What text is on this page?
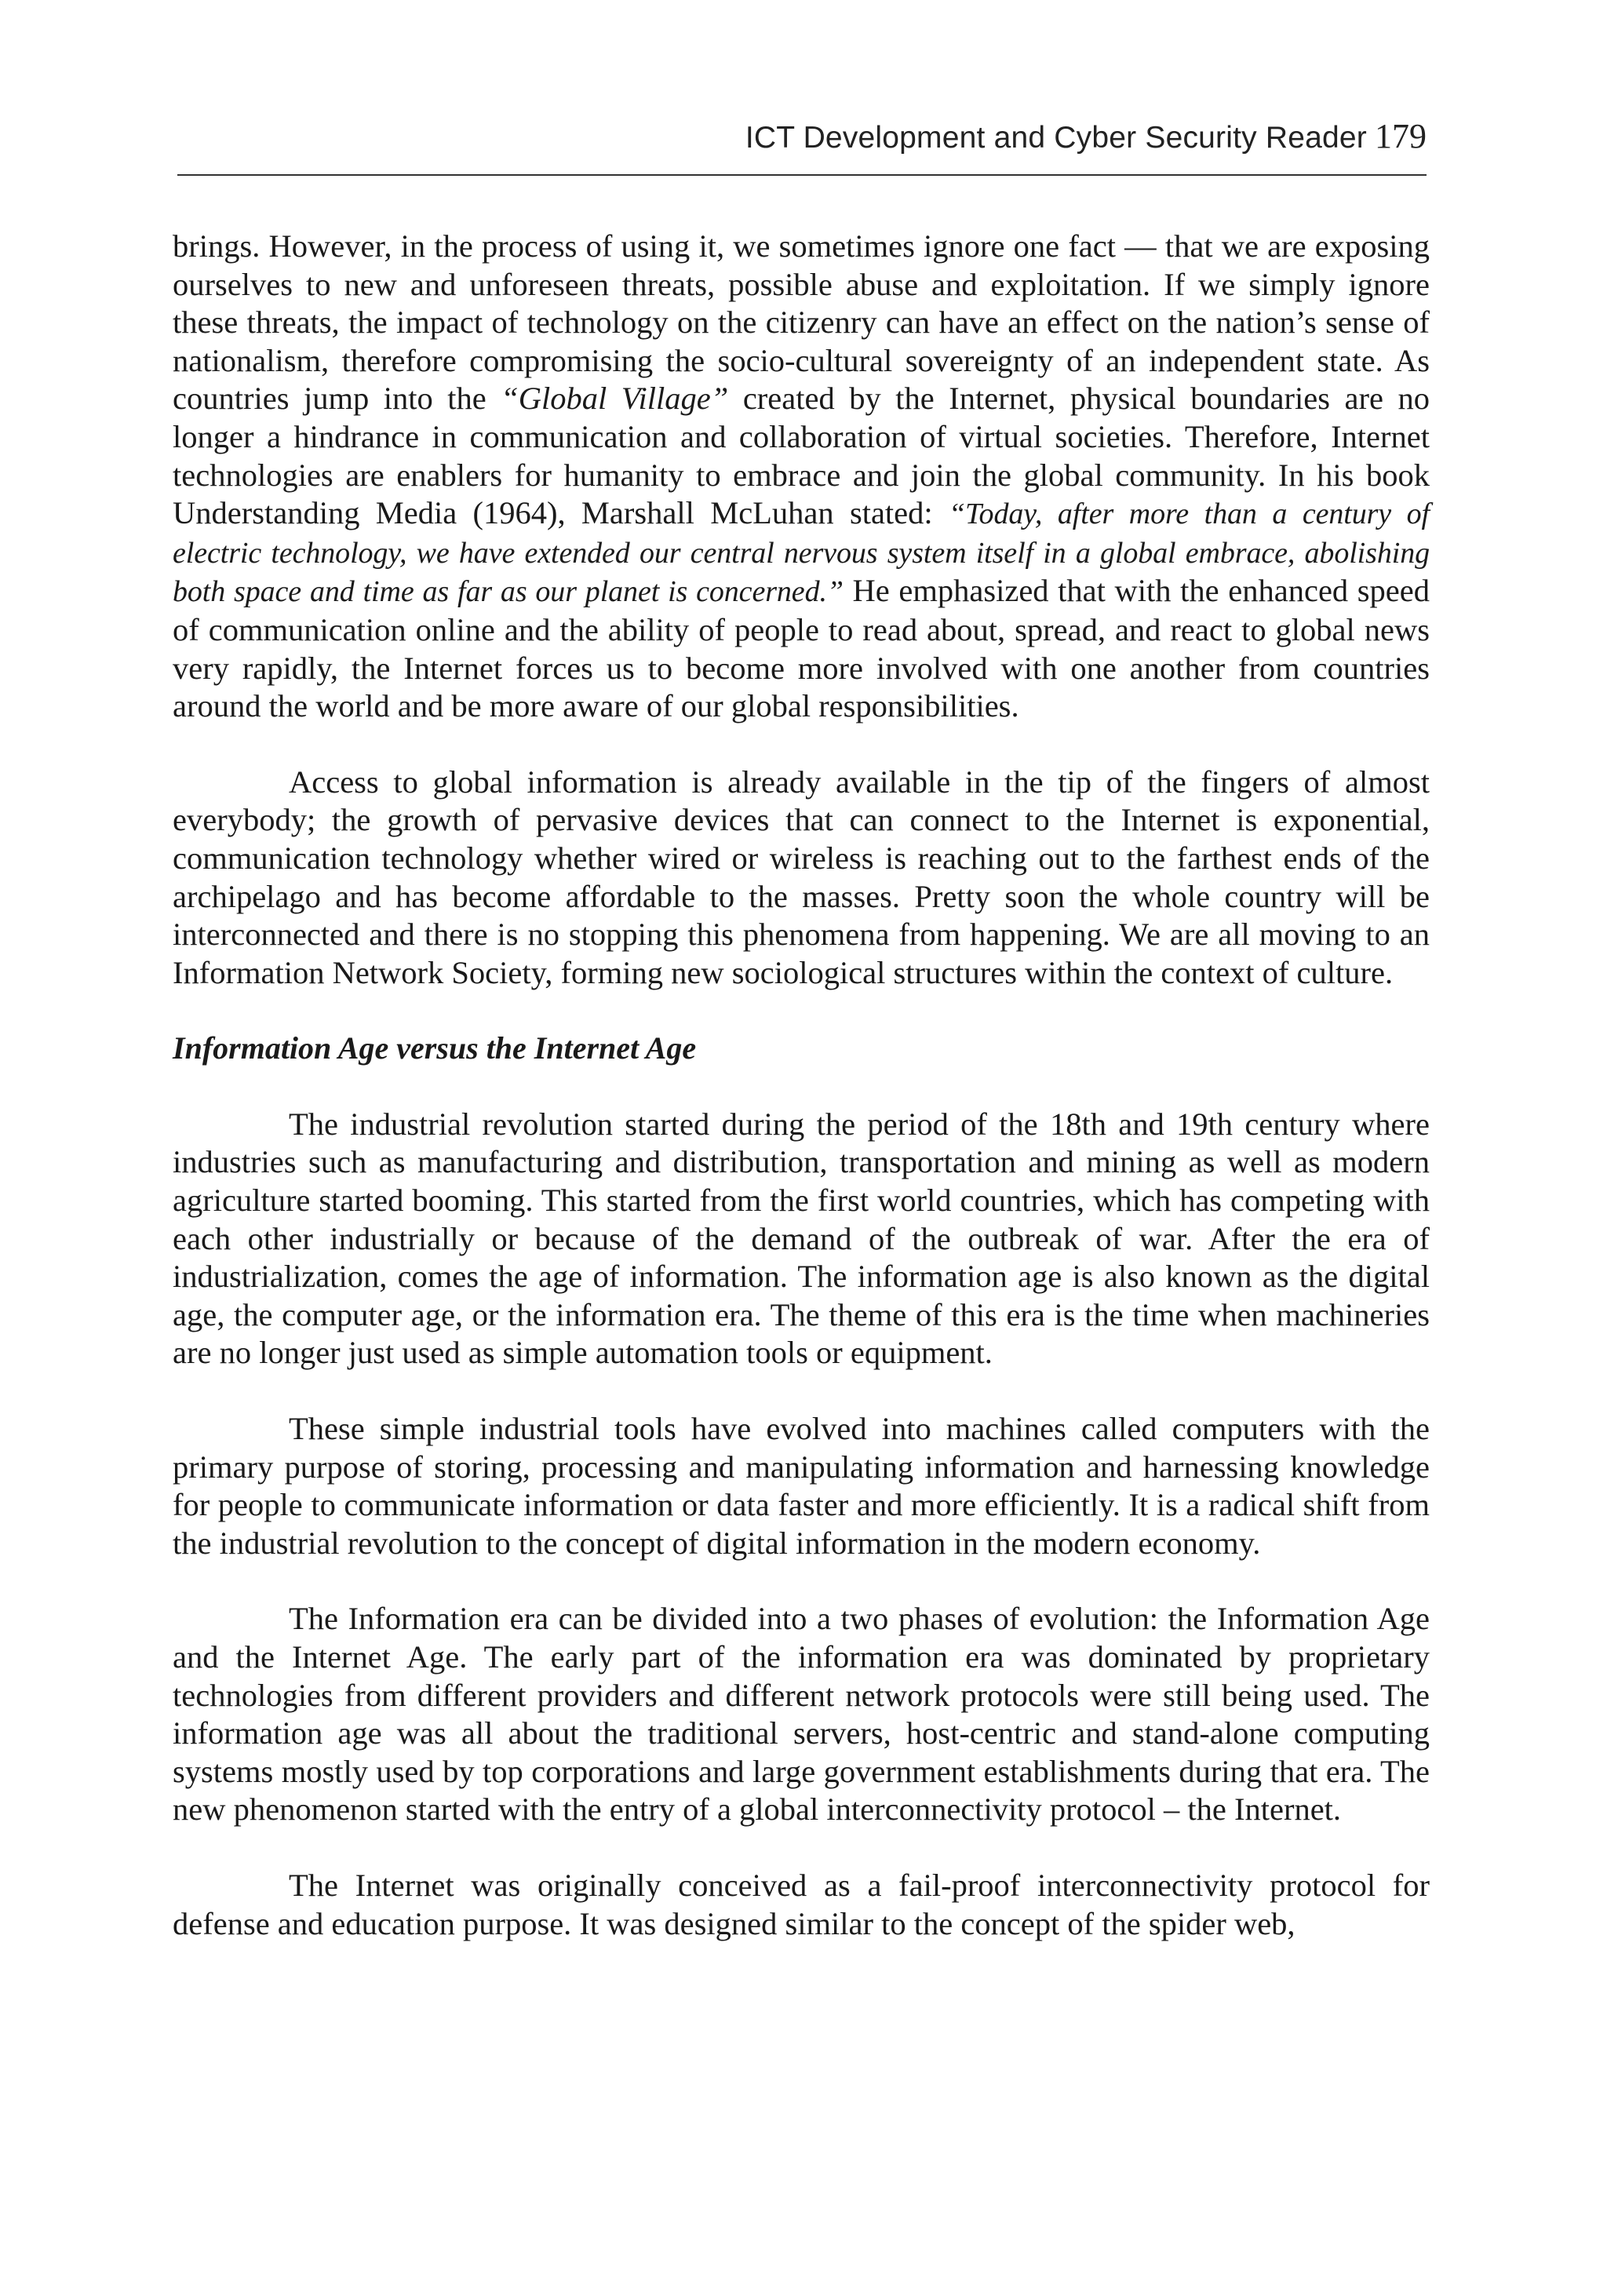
ICT Development and Cyber Security Reader 179

brings. However, in the process of using it, we sometimes ignore one fact — that we are exposing ourselves to new and unforeseen threats, possible abuse and exploitation. If we simply ignore these threats, the impact of technology on the citizenry can have an effect on the nation’s sense of nationalism, therefore compromising the socio-cultural sovereignty of an independent state. As countries jump into the “Global Village” created by the Internet, physical boundaries are no longer a hindrance in communication and collaboration of virtual societies. Therefore, Internet technologies are enablers for humanity to embrace and join the global community. In his book Understanding Media (1964), Marshall McLuhan stated: “Today, after more than a century of electric technology, we have extended our central nervous system itself in a global embrace, abolishing both space and time as far as our planet is concerned.” He emphasized that with the enhanced speed of communication online and the ability of people to read about, spread, and react to global news very rapidly, the Internet forces us to become more involved with one another from countries around the world and be more aware of our global responsibilities.

Access to global information is already available in the tip of the fingers of almost everybody; the growth of pervasive devices that can connect to the Internet is exponential, communication technology whether wired or wireless is reaching out to the farthest ends of the archipelago and has become affordable to the masses. Pretty soon the whole country will be interconnected and there is no stopping this phenomena from happening. We are all moving to an Information Network Society, forming new sociological structures within the context of culture.

Information Age versus the Internet Age

The industrial revolution started during the period of the 18th and 19th century where industries such as manufacturing and distribution, transportation and mining as well as modern agriculture started booming. This started from the first world countries, which has competing with each other industrially or because of the demand of the outbreak of war. After the era of industrialization, comes the age of information. The information age is also known as the digital age, the computer age, or the information era. The theme of this era is the time when machineries are no longer just used as simple automation tools or equipment.

These simple industrial tools have evolved into machines called computers with the primary purpose of storing, processing and manipulating information and harnessing knowledge for people to communicate information or data faster and more efficiently. It is a radical shift from the industrial revolution to the concept of digital information in the modern economy.

The Information era can be divided into a two phases of evolution: the Information Age and the Internet Age. The early part of the information era was dominated by proprietary technologies from different providers and different network protocols were still being used. The information age was all about the traditional servers, host-centric and stand-alone computing systems mostly used by top corporations and large government establishments during that era. The new phenomenon started with the entry of a global interconnectivity protocol – the Internet.

The Internet was originally conceived as a fail-proof interconnectivity protocol for defense and education purpose. It was designed similar to the concept of the spider web,
